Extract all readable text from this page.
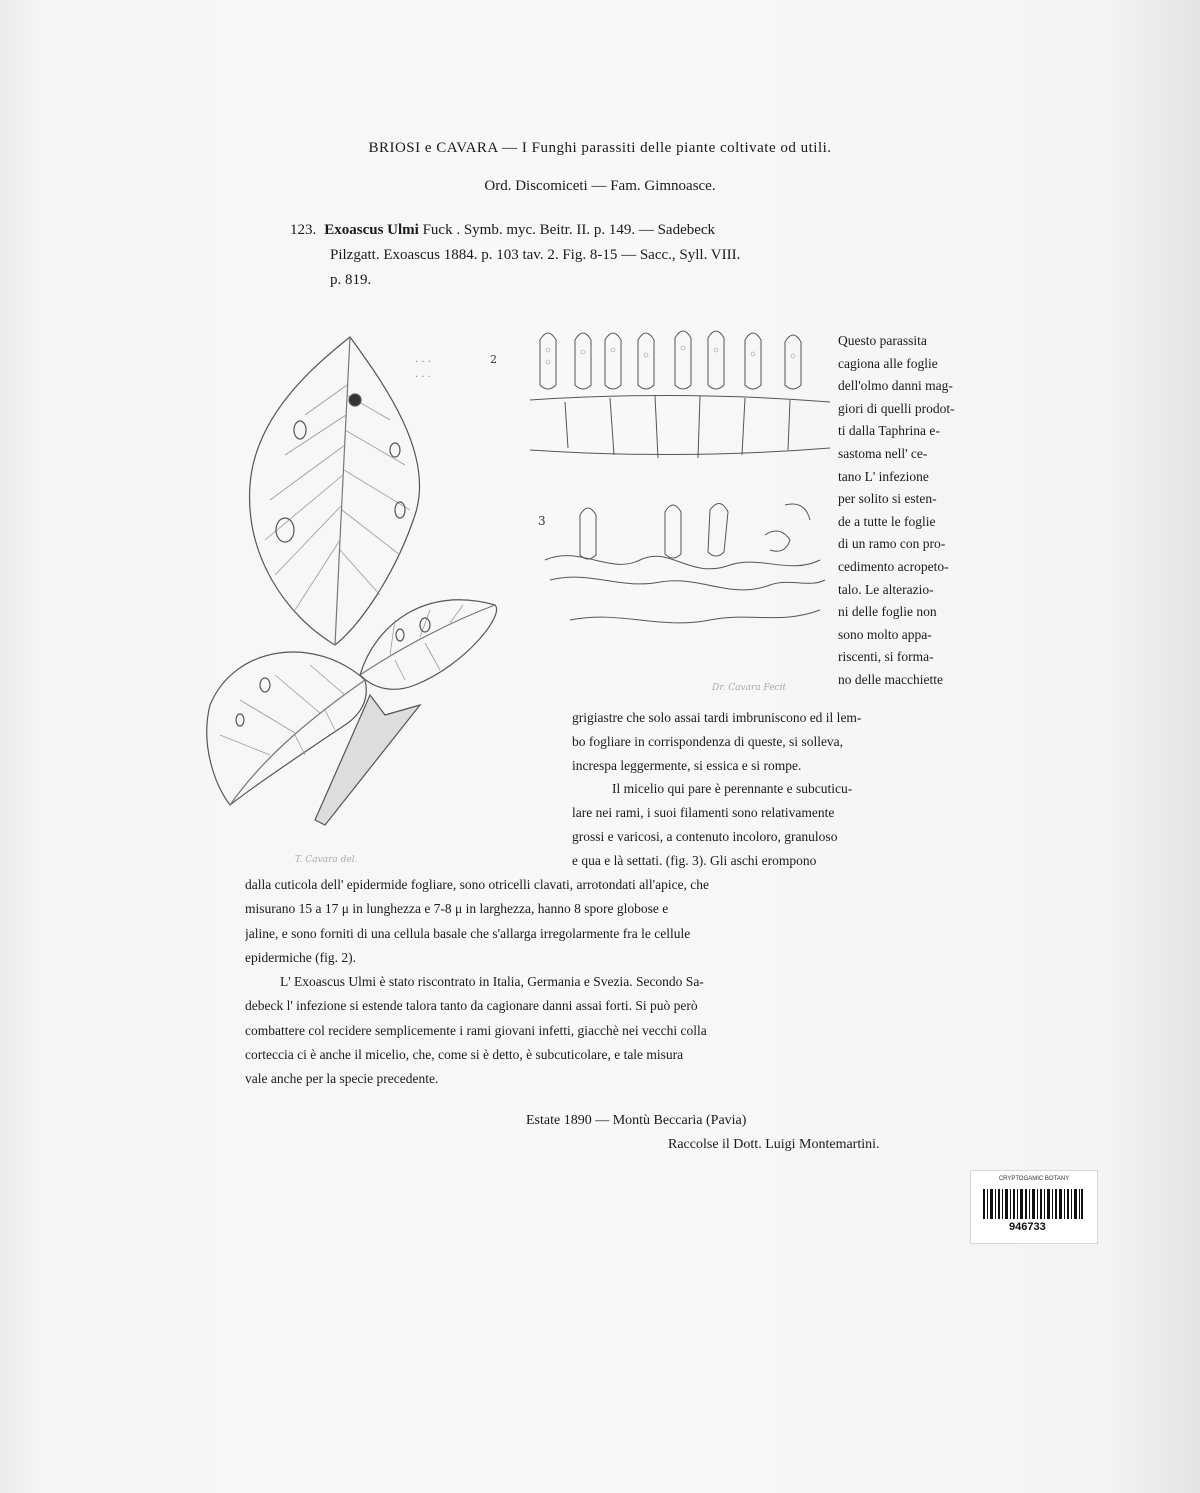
BRIOSI e CAVARA — I Funghi parassiti delle piante coltivate od utili.
Ord. Discomiceti — Fam. Gimnoasce.
123. Exoascus Ulmi Fuck . Symb. myc. Beitr. II. p. 149. — Sadebeck
Pilzgatt. Exoascus 1884. p. 103 tav. 2. Fig. 8-15 — Sacc., Syll. VIII.
p. 819.
· · ·
· · ·
2
T. Cavara del.
3
Dr. Cavara Fecit
Questo parassita
cagiona alle foglie
dell'olmo danni mag-
giori di quelli prodot-
ti dalla Taphrina e-
sastoma nell' ce-
tano L' infezione
per solito si esten-
de a tutte le foglie
di un ramo con pro-
cedimento acropeto-
talo. Le alterazio-
ni delle foglie non
sono molto appa-
riscenti, si forma-
no delle macchiette
grigiastre che solo assai tardi imbruniscono ed il lem-
bo fogliare in corrispondenza di queste, si solleva,
increspa leggermente, si essica e si rompe.
Il micelio qui pare è perennante e subcuticu-
lare nei rami, i suoi filamenti sono relativamente
grossi e varicosi, a contenuto incoloro, granuloso
e qua e là settati. (fig. 3). Gli aschi erompono
dalla cuticola dell' epidermide fogliare, sono otricelli clavati, arrotondati all'apice, che
misurano 15 a 17 μ in lunghezza e 7-8 μ in larghezza, hanno 8 spore globose e
jaline, e sono forniti di una cellula basale che s'allarga irregolarmente fra le cellule
epidermiche (fig. 2).
L' Exoascus Ulmi è stato riscontrato in Italia, Germania e Svezia. Secondo Sa-
debeck l' infezione si estende talora tanto da cagionare danni assai forti. Si può però
combattere col recidere semplicemente i rami giovani infetti, giacchè nei vecchi colla
corteccia ci è anche il micelio, che, come si è detto, è subcuticolare, e tale misura
vale anche per la specie precedente.
Estate 1890 — Montù Beccaria (Pavia)
Raccolse il Dott. Luigi Montemartini.
CRYPTOGAMIC BOTANY
946733
